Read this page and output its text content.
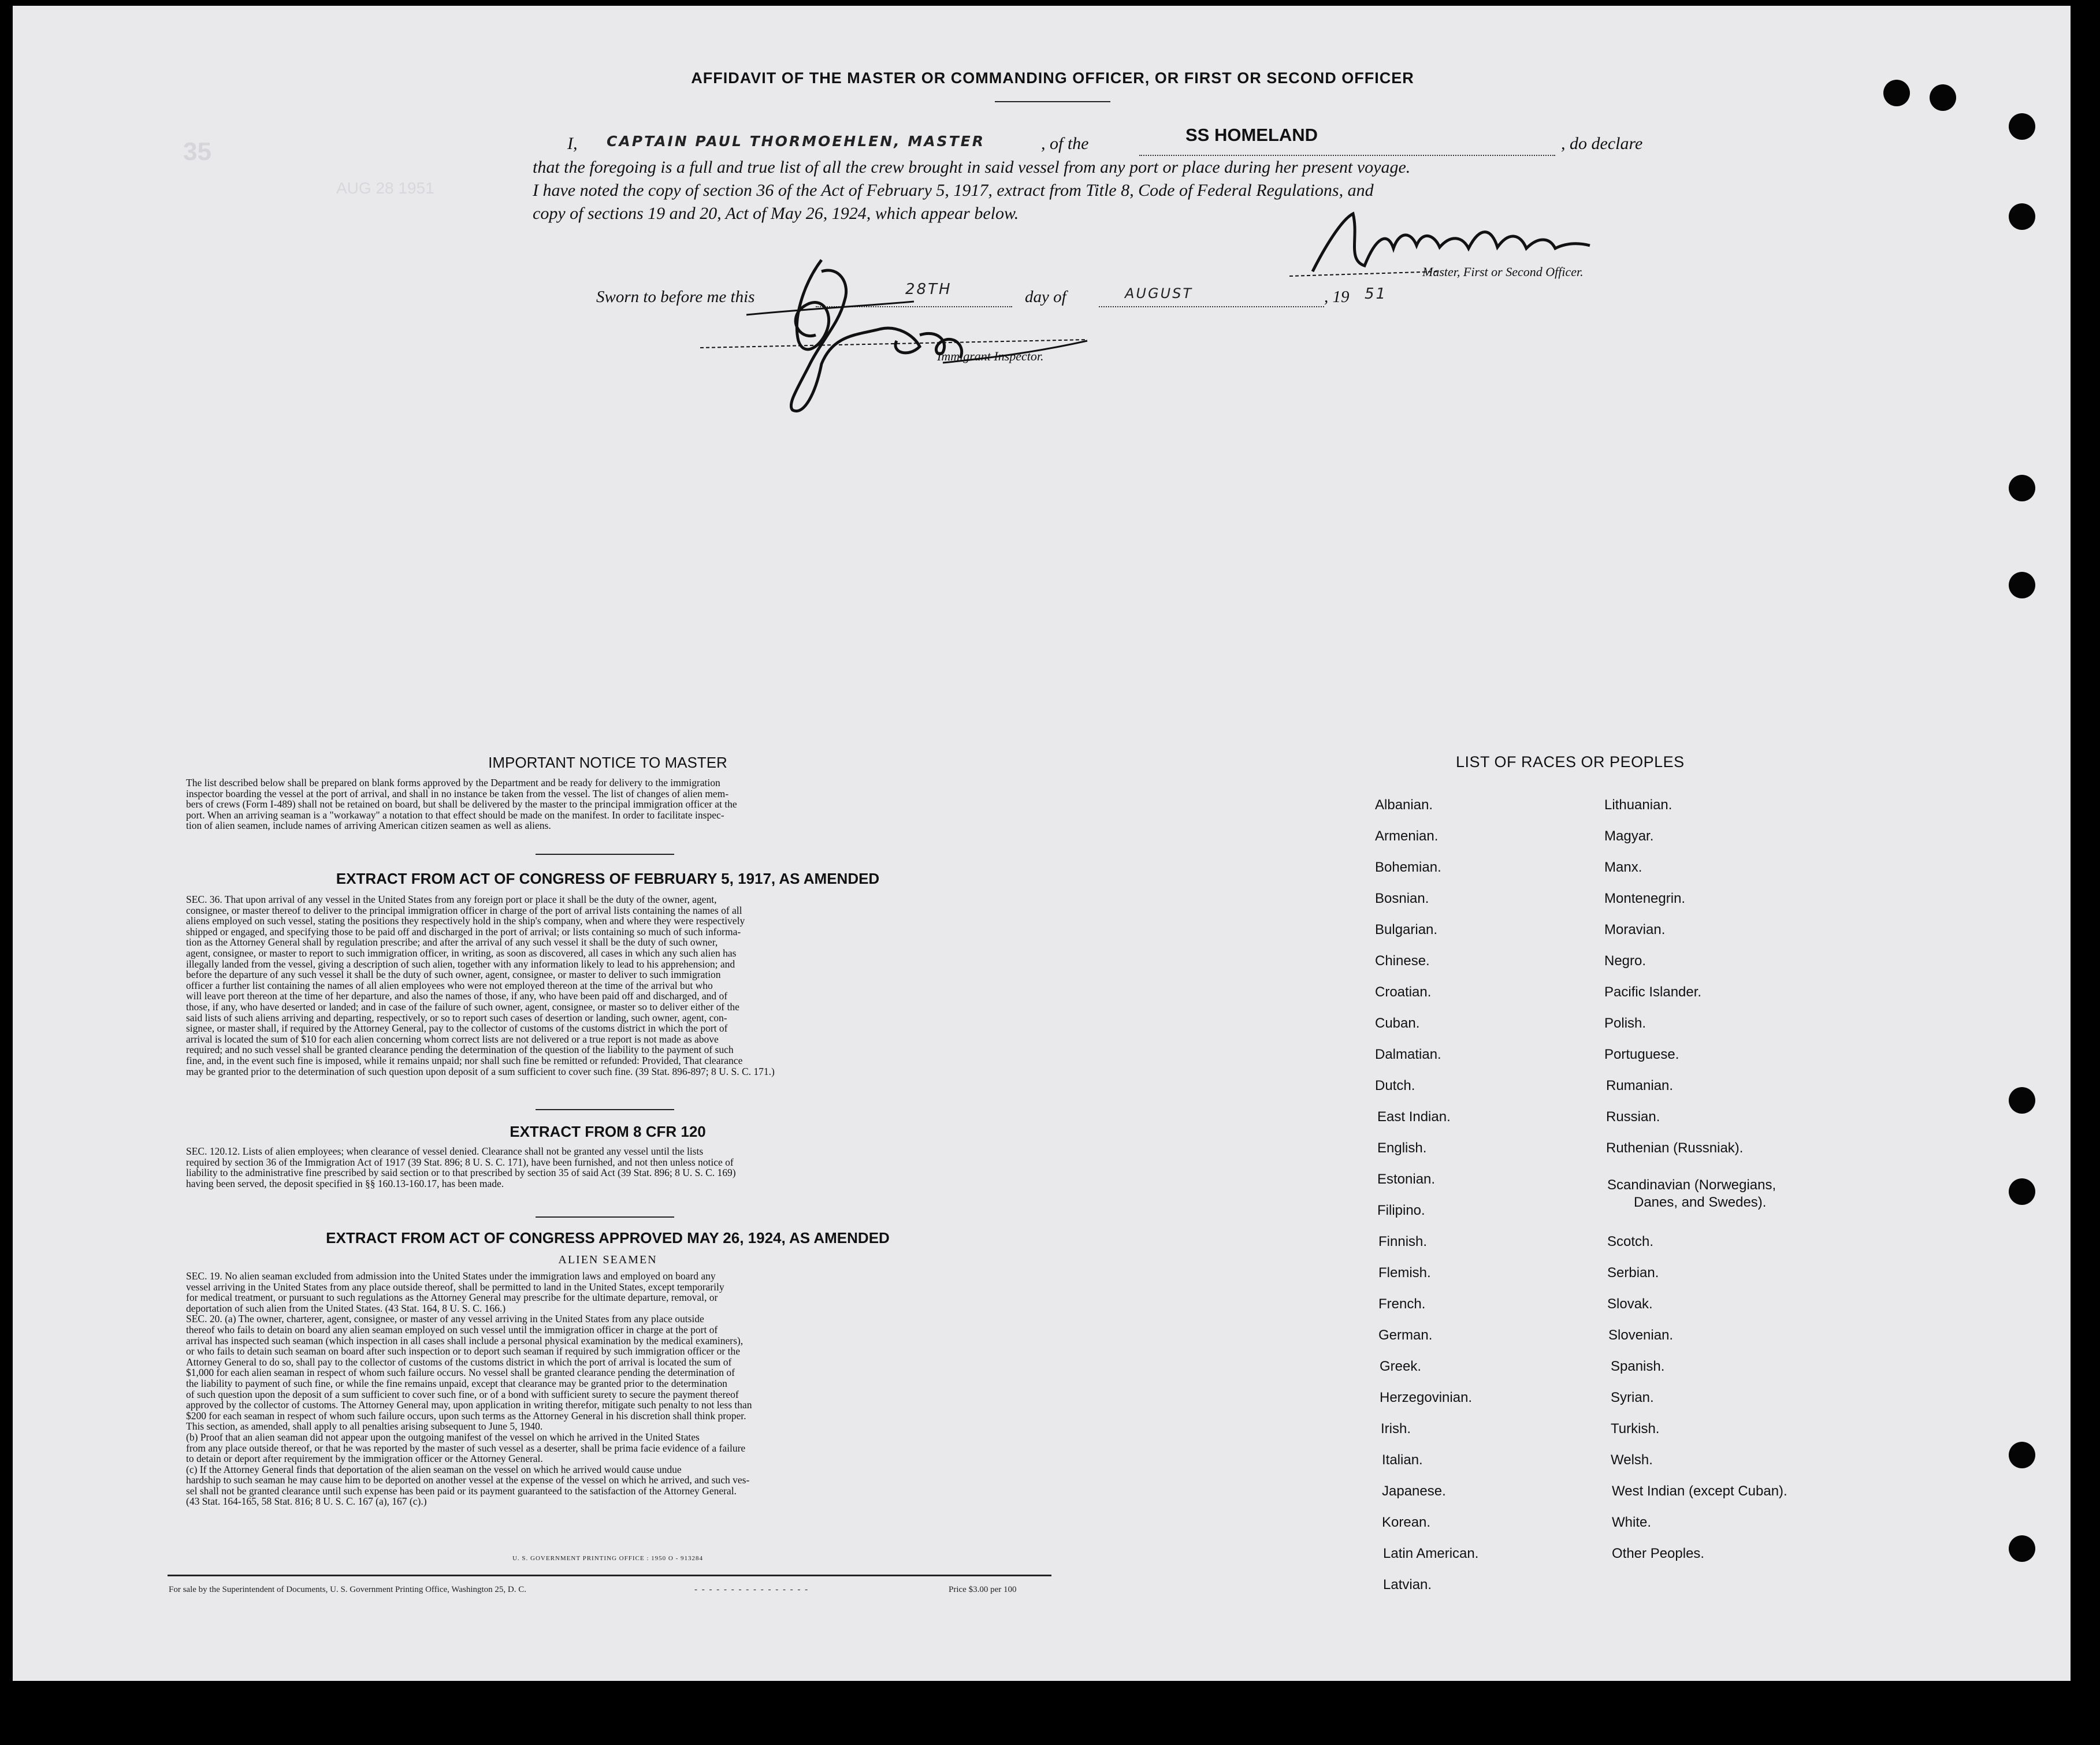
35
AUG 28 1951
AFFIDAVIT OF THE MASTER OR COMMANDING OFFICER, OR FIRST OR SECOND OFFICER
I, CAPTAIN PAUL THORMOEHLEN, MASTER	, of the	SS HOMELAND	, do declare
that the foregoing is a full and true list of all the crew brought in said vessel from any port or place during her present voyage.
I have noted the copy of section 36 of the Act of February 5, 1917, extract from Title 8, Code of Federal Regulations, and
copy of sections 19 and 20, Act of May 26, 1924, which appear below.
Master, First or Second Officer.
Sworn to before me this	28TH	day of	AUGUST	, 19 51
Immigrant Inspector.
IMPORTANT NOTICE TO MASTER
The list described below shall be prepared on blank forms approved by the Department and be ready for delivery to the immigration
inspector boarding the vessel at the port of arrival, and shall in no instance be taken from the vessel. The list of changes of alien mem-
bers of crews (Form I-489) shall not be retained on board, but shall be delivered by the master to the principal immigration officer at the
port. When an arriving seaman is a "workaway" a notation to that effect should be made on the manifest. In order to facilitate inspec-
tion of alien seamen, include names of arriving American citizen seamen as well as aliens.
EXTRACT FROM ACT OF CONGRESS OF FEBRUARY 5, 1917, AS AMENDED
SEC. 36. That upon arrival of any vessel in the United States from any foreign port or place it shall be the duty of the owner, agent,
consignee, or master thereof to deliver to the principal immigration officer in charge of the port of arrival lists containing the names of all
aliens employed on such vessel, stating the positions they respectively hold in the ship's company, when and where they were respectively
shipped or engaged, and specifying those to be paid off and discharged in the port of arrival; or lists containing so much of such informa-
tion as the Attorney General shall by regulation prescribe; and after the arrival of any such vessel it shall be the duty of such owner,
agent, consignee, or master to report to such immigration officer, in writing, as soon as discovered, all cases in which any such alien has
illegally landed from the vessel, giving a description of such alien, together with any information likely to lead to his apprehension; and
before the departure of any such vessel it shall be the duty of such owner, agent, consignee, or master to deliver to such immigration
officer a further list containing the names of all alien employees who were not employed thereon at the time of the arrival but who
will leave port thereon at the time of her departure, and also the names of those, if any, who have been paid off and discharged, and of
those, if any, who have deserted or landed; and in case of the failure of such owner, agent, consignee, or master so to deliver either of the
said lists of such aliens arriving and departing, respectively, or so to report such cases of desertion or landing, such owner, agent, con-
signee, or master shall, if required by the Attorney General, pay to the collector of customs of the customs district in which the port of
arrival is located the sum of $10 for each alien concerning whom correct lists are not delivered or a true report is not made as above
required; and no such vessel shall be granted clearance pending the determination of the question of the liability to the payment of such
fine, and, in the event such fine is imposed, while it remains unpaid; nor shall such fine be remitted or refunded: Provided, That clearance
may be granted prior to the determination of such question upon deposit of a sum sufficient to cover such fine. (39 Stat. 896-897; 8 U. S. C. 171.)
EXTRACT FROM 8 CFR 120
SEC. 120.12. Lists of alien employees; when clearance of vessel denied. Clearance shall not be granted any vessel until the lists
required by section 36 of the Immigration Act of 1917 (39 Stat. 896; 8 U. S. C. 171), have been furnished, and not then unless notice of
liability to the administrative fine prescribed by said section or to that prescribed by section 35 of said Act (39 Stat. 896; 8 U. S. C. 169)
having been served, the deposit specified in §§ 160.13-160.17, has been made.
EXTRACT FROM ACT OF CONGRESS APPROVED MAY 26, 1924, AS AMENDED
ALIEN SEAMEN
SEC. 19. No alien seaman excluded from admission into the United States under the immigration laws and employed on board any
vessel arriving in the United States from any place outside thereof, shall be permitted to land in the United States, except temporarily
for medical treatment, or pursuant to such regulations as the Attorney General may prescribe for the ultimate departure, removal, or
deportation of such alien from the United States. (43 Stat. 164, 8 U. S. C. 166.)
SEC. 20. (a) The owner, charterer, agent, consignee, or master of any vessel arriving in the United States from any place outside
thereof who fails to detain on board any alien seaman employed on such vessel until the immigration officer in charge at the port of
arrival has inspected such seaman (which inspection in all cases shall include a personal physical examination by the medical examiners),
or who fails to detain such seaman on board after such inspection or to deport such seaman if required by such immigration officer or the
Attorney General to do so, shall pay to the collector of customs of the customs district in which the port of arrival is located the sum of
$1,000 for each alien seaman in respect of whom such failure occurs. No vessel shall be granted clearance pending the determination of
the liability to payment of such fine, or while the fine remains unpaid, except that clearance may be granted prior to the determination
of such question upon the deposit of a sum sufficient to cover such fine, or of a bond with sufficient surety to secure the payment thereof
approved by the collector of customs. The Attorney General may, upon application in writing therefor, mitigate such penalty to not less than
$200 for each seaman in respect of whom such failure occurs, upon such terms as the Attorney General in his discretion shall think proper.
This section, as amended, shall apply to all penalties arising subsequent to June 5, 1940.
(b) Proof that an alien seaman did not appear upon the outgoing manifest of the vessel on which he arrived in the United States
from any place outside thereof, or that he was reported by the master of such vessel as a deserter, shall be prima facie evidence of a failure
to detain or deport after requirement by the immigration officer or the Attorney General.
(c) If the Attorney General finds that deportation of the alien seaman on the vessel on which he arrived would cause undue
hardship to such seaman he may cause him to be deported on another vessel at the expense of the vessel on which he arrived, and such ves-
sel shall not be granted clearance until such expense has been paid or its payment guaranteed to the satisfaction of the Attorney General.
(43 Stat. 164-165, 58 Stat. 816; 8 U. S. C. 167 (a), 167 (c).)
U. S. GOVERNMENT PRINTING OFFICE : 1950 O - 913284
For sale by the Superintendent of Documents, U. S. Government Printing Office, Washington 25, D. C.	- - - - - - - - - - - - - - - -	Price $3.00 per 100
LIST OF RACES OR PEOPLES
Albanian.
Armenian.
Bohemian.
Bosnian.
Bulgarian.
Chinese.
Croatian.
Cuban.
Dalmatian.
Dutch.
East Indian.
English.
Estonian.
Filipino.
Finnish.
Flemish.
French.
German.
Greek.
Herzegovinian.
Irish.
Italian.
Japanese.
Korean.
Latin American.
Latvian.
Lithuanian.
Magyar.
Manx.
Montenegrin.
Moravian.
Negro.
Pacific Islander.
Polish.
Portuguese.
Rumanian.
Russian.
Ruthenian (Russniak).
Scandinavian (Norwegians,
Danes, and Swedes).
Scotch.
Serbian.
Slovak.
Slovenian.
Spanish.
Syrian.
Turkish.
Welsh.
West Indian (except Cuban).
White.
Other Peoples.
